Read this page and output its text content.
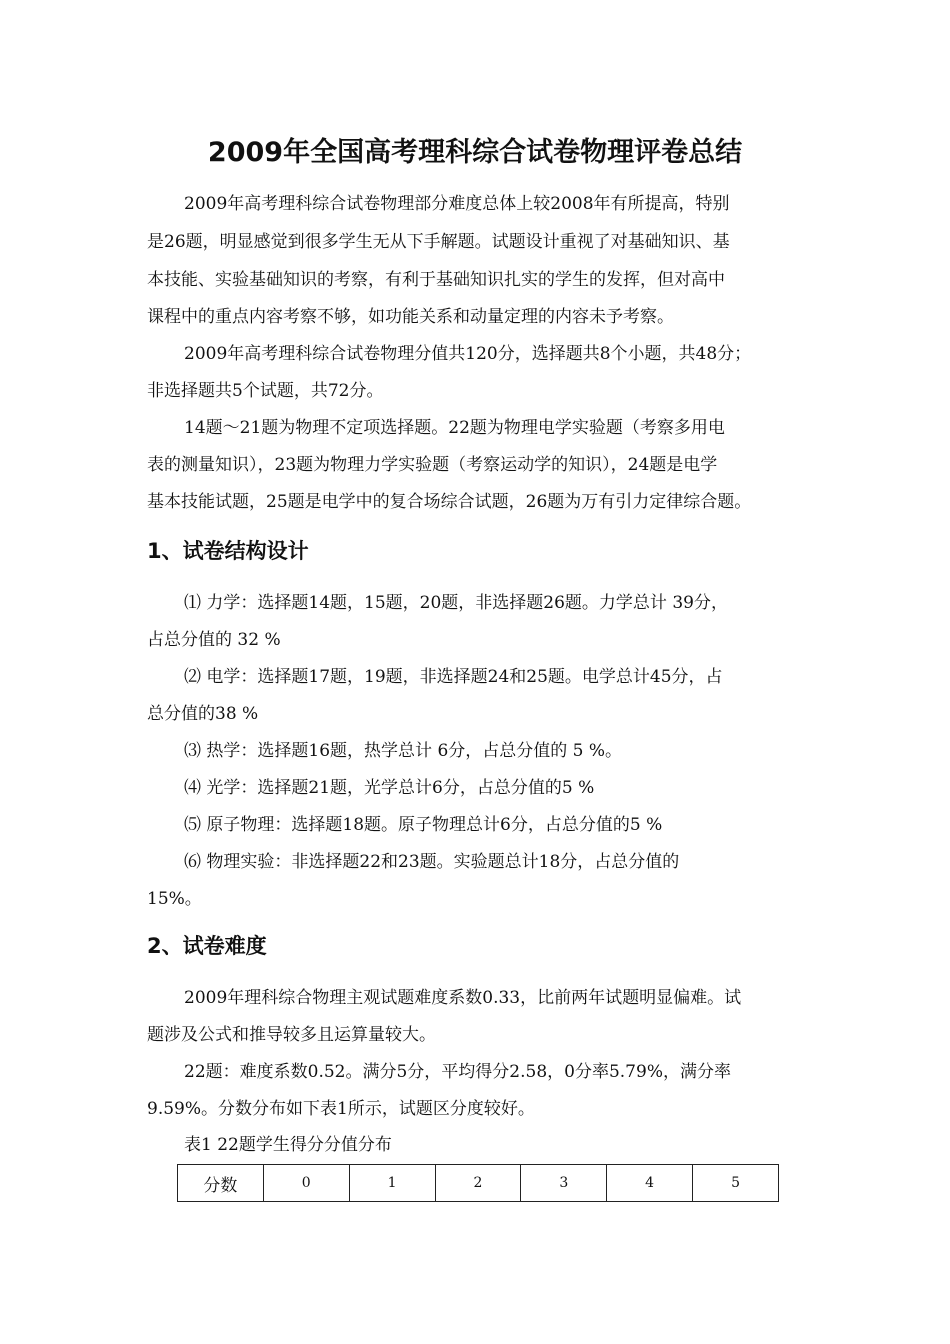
2009年全国高考理科综合试卷物理评卷总结
2009年高考理科综合试卷物理部分难度总体上较2008年有所提高，特别
是26题，明显感觉到很多学生无从下手解题。试题设计重视了对基础知识、基
本技能、实验基础知识的考察，有利于基础知识扎实的学生的发挥，但对高中
课程中的重点内容考察不够，如功能关系和动量定理的内容未予考察。
2009年高考理科综合试卷物理分值共120分，选择题共8个小题，共48分；
非选择题共5个试题，共72分。
14题～21题为物理不定项选择题。22题为物理电学实验题（考察多用电
表的测量知识），23题为物理力学实验题（考察运动学的知识），24题是电学
基本技能试题，25题是电学中的复合场综合试题，26题为万有引力定律综合题。
1、试卷结构设计
⑴ 力学：选择题14题，15题，20题，非选择题26题。力学总计 39分，
占总分值的 32 %
⑵ 电学：选择题17题，19题，非选择题24和25题。电学总计45分，占
总分值的38 %
⑶ 热学：选择题16题，热学总计 6分，占总分值的 5 %。
⑷ 光学：选择题21题，光学总计6分，占总分值的5 %
⑸ 原子物理：选择题18题。原子物理总计6分，占总分值的5 %
⑹ 物理实验：非选择题22和23题。实验题总计18分，占总分值的
15%。
2、试卷难度
2009年理科综合物理主观试题难度系数0.33，比前两年试题明显偏难。试
题涉及公式和推导较多且运算量较大。
22题：难度系数0.52。满分5分，平均得分2.58，0分率5.79%，满分率
9.59%。分数分布如下表1所示，试题区分度较好。
表1 22题学生得分分值分布
分数	0	1	2	3	4	5
